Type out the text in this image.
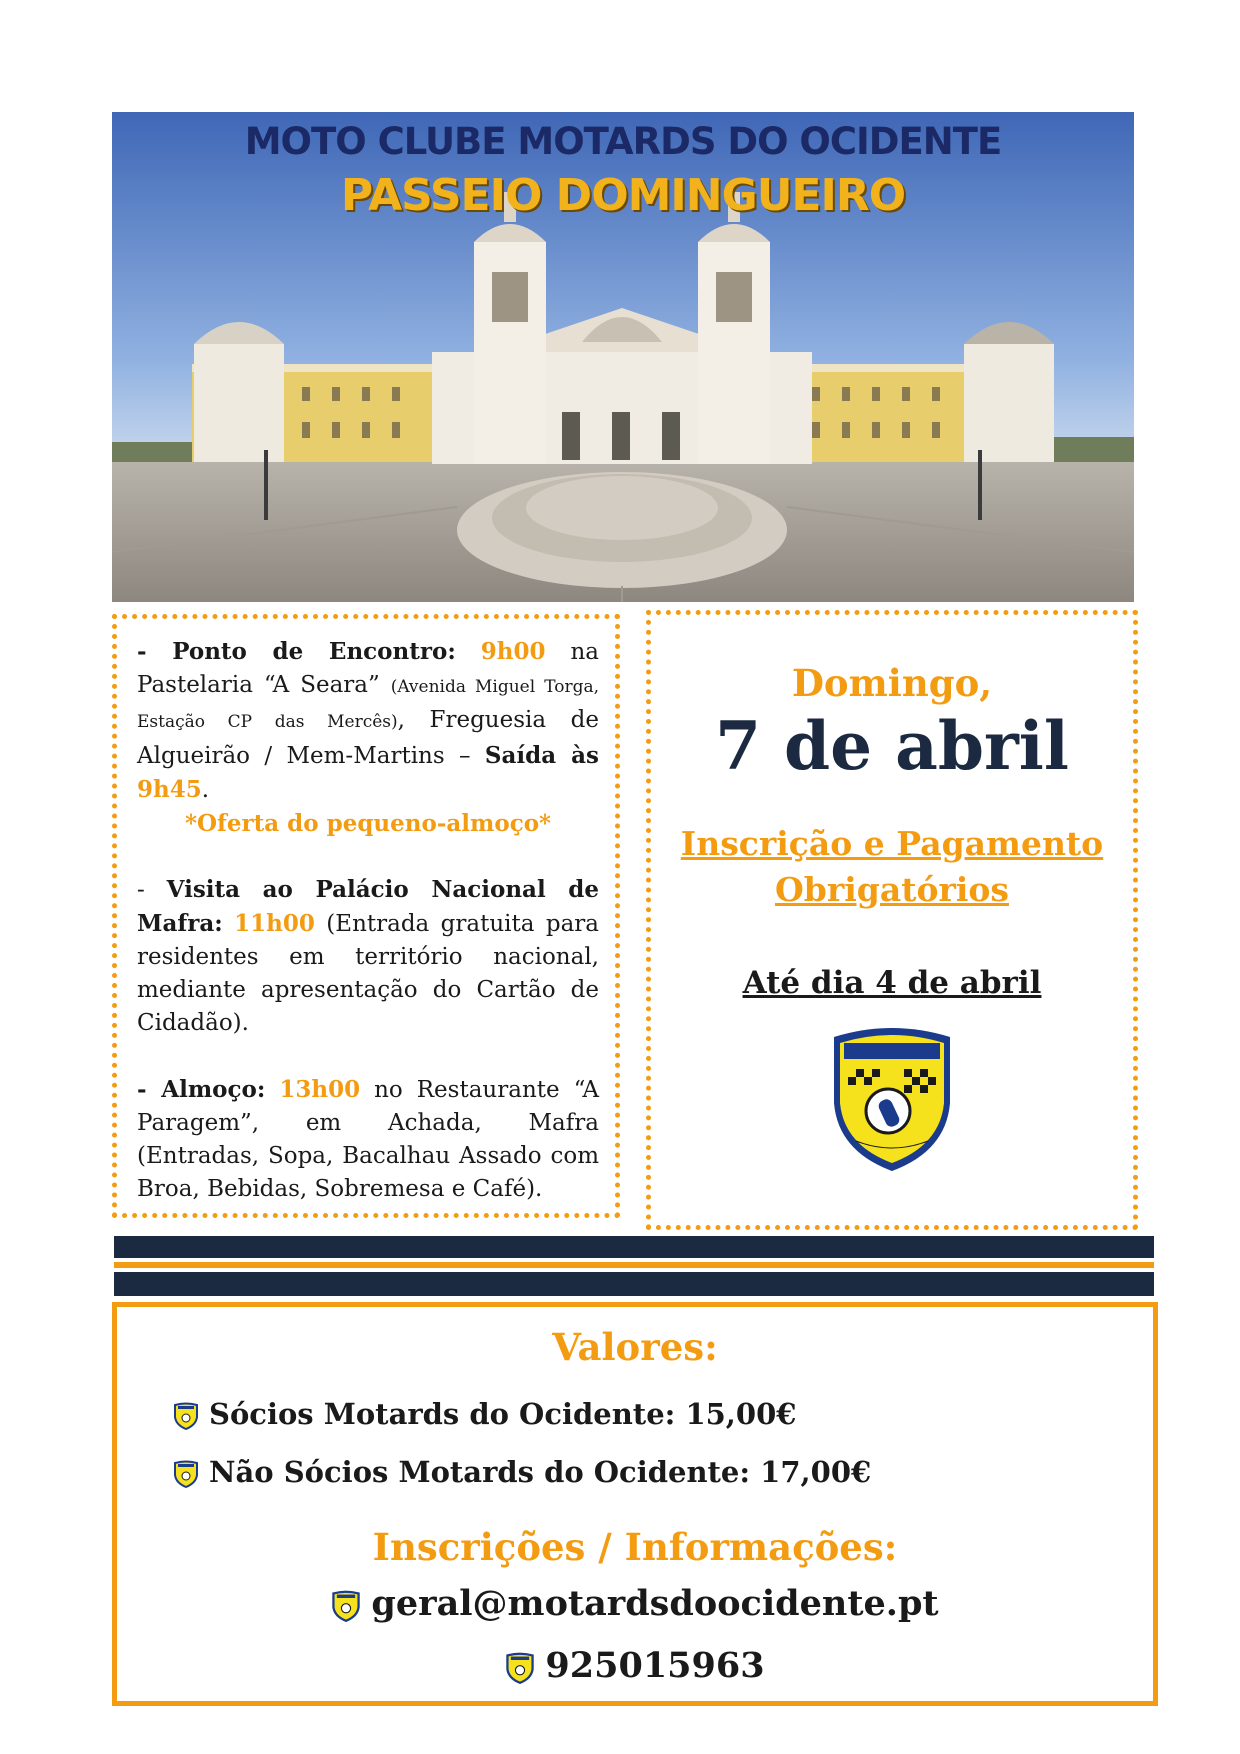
MOTO CLUBE MOTARDS DO OCIDENTE
PASSEIO DOMINGUEIRO

- Ponto de Encontro: 9h00 na Pastelaria “A Seara” (Avenida Miguel Torga, Estação CP das Mercês), Freguesia de Algueirão / Mem-Martins – Saída às 9h45.

*Oferta do pequeno-almoço*

- Visita ao Palácio Nacional de Mafra: 11h00 (Entrada gratuita para residentes em território nacional, mediante apresentação do Cartão de Cidadão).

- Almoço: 13h00 no Restaurante “A Paragem”, em Achada, Mafra (Entradas, Sopa, Bacalhau Assado com Broa, Bebidas, Sobremesa e Café).

Domingo,
7 de abril
Inscrição e Pagamento
Obrigatórios
Até dia 4 de abril
Valores:
Sócios Motards do Ocidente: 15,00€
Não Sócios Motards do Ocidente: 17,00€
Inscrições / Informações:
geral@motardsdoocidente.pt
925015963
